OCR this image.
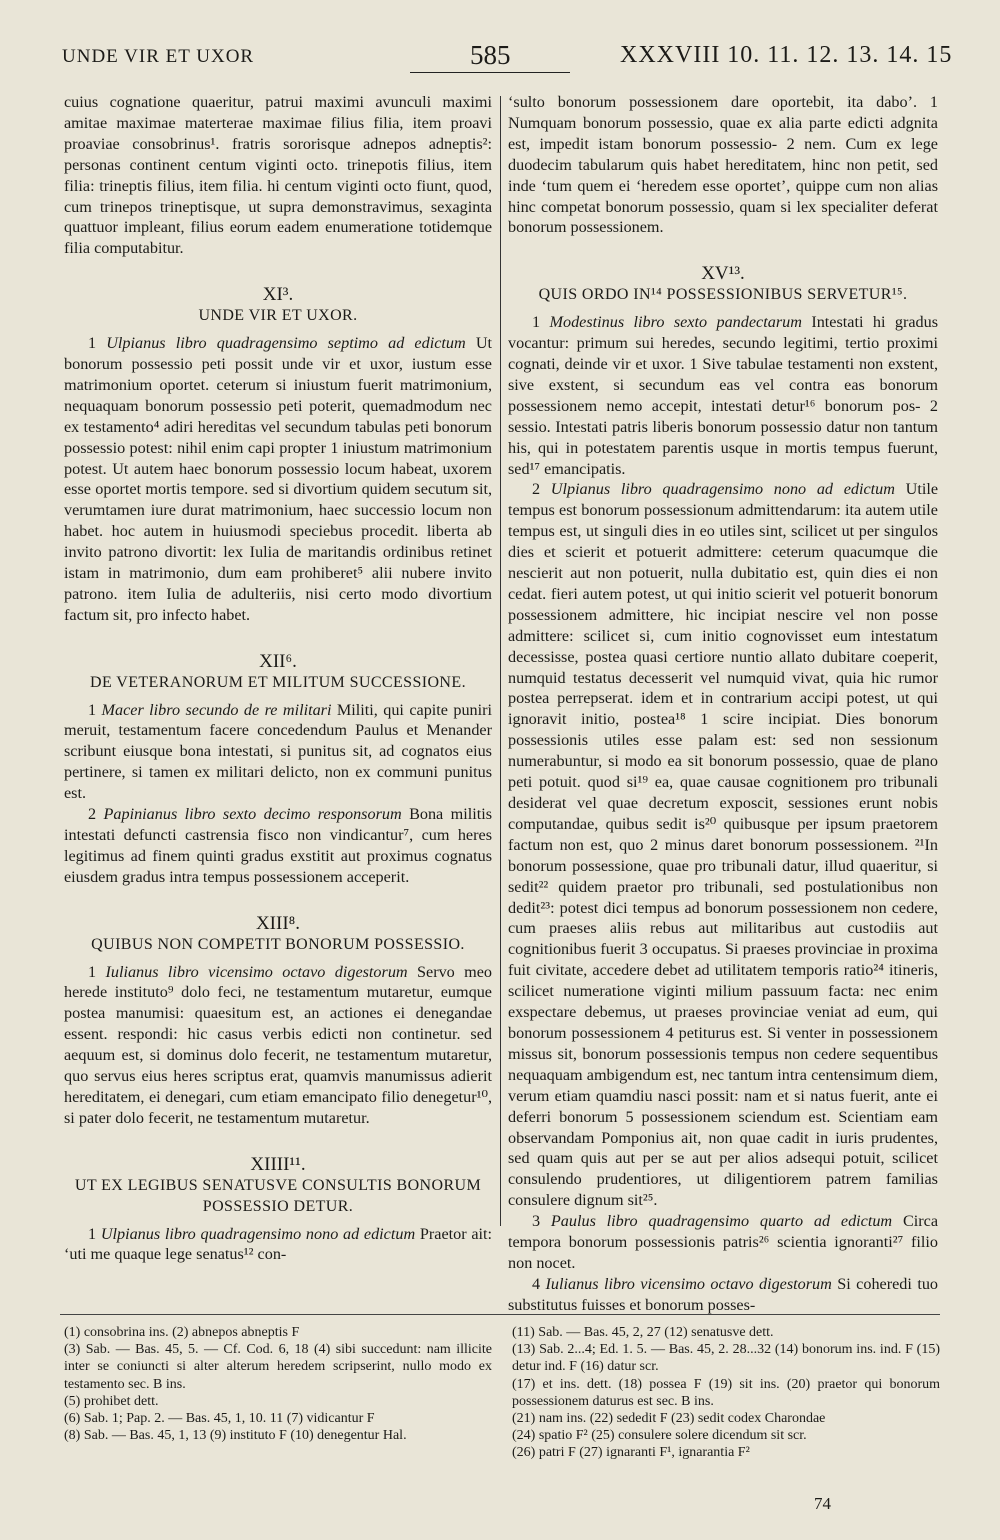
UNDE VIR ET UXOR	585	XXXVIII 10. 11. 12. 13. 14. 15

cuius cognatione quaeritur, patrui maximi avunculi maximi amitae maximae materterae maximae filius filia, item proavi proaviae consobrinus¹. fratris sororisque adnepos adneptis²: personas continent centum viginti octo. trinepotis filius, item filia: trineptis filius, item filia. hi centum viginti octo fiunt, quod, cum trinepos trineptisque, ut supra demonstravimus, sexaginta quattuor impleant, filius eorum eadem enumeratione totidemque filia computabitur.

XI³.
UNDE VIR ET UXOR.

1 Ulpianus libro quadragensimo septimo ad edictum Ut bonorum possessio peti possit unde vir et uxor, iustum esse matrimonium oportet. ceterum si iniustum fuerit matrimonium, nequaquam bonorum possessio peti poterit, quemadmodum nec ex testamento⁴ adiri hereditas vel secundum tabulas peti bonorum possessio potest: nihil enim capi propter 1 iniustum matrimonium potest. Ut autem haec bonorum possessio locum habeat, uxorem esse oportet mortis tempore. sed si divortium quidem secutum sit, verumtamen iure durat matrimonium, haec successio locum non habet. hoc autem in huiusmodi speciebus procedit. liberta ab invito patrono divortit: lex Iulia de maritandis ordinibus retinet istam in matrimonio, dum eam prohiberet⁵ alii nubere invito patrono. item Iulia de adulteriis, nisi certo modo divortium factum sit, pro infecto habet.

XII⁶.
DE VETERANORUM ET MILITUM SUCCESSIONE.

1 Macer libro secundo de re militari Militi, qui capite puniri meruit, testamentum facere concedendum Paulus et Menander scribunt eiusque bona intestati, si punitus sit, ad cognatos eius pertinere, si tamen ex militari delicto, non ex communi punitus est.

2 Papinianus libro sexto decimo responsorum Bona militis intestati defuncti castrensia fisco non vindicantur⁷, cum heres legitimus ad finem quinti gradus exstitit aut proximus cognatus eiusdem gradus intra tempus possessionem acceperit.

XIII⁸.
QUIBUS NON COMPETIT BONORUM POSSESSIO.

1 Iulianus libro vicensimo octavo digestorum Servo meo herede instituto⁹ dolo feci, ne testamentum mutaretur, eumque postea manumisi: quaesitum est, an actiones ei denegandae essent. respondi: hic casus verbis edicti non continetur. sed aequum est, si dominus dolo fecerit, ne testamentum mutaretur, quo servus eius heres scriptus erat, quamvis manumissus adierit hereditatem, ei denegari, cum etiam emancipato filio denegetur¹⁰, si pater dolo fecerit, ne testamentum mutaretur.

XIIII¹¹.
UT EX LEGIBUS SENATUSVE CONSULTIS BONORUM POSSESSIO DETUR.

1 Ulpianus libro quadragensimo nono ad edictum Praetor ait: ‘uti me quaque lege senatus¹² con-

‘sulto bonorum possessionem dare oportebit, ita dabo’. 1 Numquam bonorum possessio, quae ex alia parte edicti adgnita est, impedit istam bonorum possessio- 2 nem. Cum ex lege duodecim tabularum quis habet hereditatem, hinc non petit, sed inde ‘tum quem ei ‘heredem esse oportet’, quippe cum non alias hinc competat bonorum possessio, quam si lex specialiter deferat bonorum possessionem.

XV¹³.
QUIS ORDO IN¹⁴ POSSESSIONIBUS SERVETUR¹⁵.

1 Modestinus libro sexto pandectarum Intestati hi gradus vocantur: primum sui heredes, secundo legitimi, tertio proximi cognati, deinde vir et uxor. 1 Sive tabulae testamenti non exstent, sive exstent, si secundum eas vel contra eas bonorum possessionem nemo accepit, intestati detur¹⁶ bonorum pos- 2 sessio. Intestati patris liberis bonorum possessio datur non tantum his, qui in potestatem parentis usque in mortis tempus fuerunt, sed¹⁷ emancipatis.

2 Ulpianus libro quadragensimo nono ad edictum Utile tempus est bonorum possessionum admittendarum: ita autem utile tempus est, ut singuli dies in eo utiles sint, scilicet ut per singulos dies et scierit et potuerit admittere: ceterum quacumque die nescierit aut non potuerit, nulla dubitatio est, quin dies ei non cedat. fieri autem potest, ut qui initio scierit vel potuerit bonorum possessionem admittere, hic incipiat nescire vel non posse admittere: scilicet si, cum initio cognovisset eum intestatum decessisse, postea quasi certiore nuntio allato dubitare coeperit, numquid testatus decesserit vel numquid vivat, quia hic rumor postea perrepserat. idem et in contrarium accipi potest, ut qui ignoravit initio, postea¹⁸ 1 scire incipiat. Dies bonorum possessionis utiles esse palam est: sed non sessionum numerabuntur, si modo ea sit bonorum possessio, quae de plano peti potuit. quod si¹⁹ ea, quae causae cognitionem pro tribunali desiderat vel quae decretum exposcit, sessiones erunt nobis computandae, quibus sedit is²⁰ quibusque per ipsum praetorem factum non est, quo 2 minus daret bonorum possessionem. ²¹In bonorum possessione, quae pro tribunali datur, illud quaeritur, si sedit²² quidem praetor pro tribunali, sed postulationibus non dedit²³: potest dici tempus ad bonorum possessionem non cedere, cum praeses aliis rebus aut militaribus aut custodiis aut cognitionibus fuerit 3 occupatus. Si praeses provinciae in proxima fuit civitate, accedere debet ad utilitatem temporis ratio²⁴ itineris, scilicet numeratione viginti milium passuum facta: nec enim exspectare debemus, ut praeses provinciae veniat ad eum, qui bonorum possessionem 4 petiturus est. Si venter in possessionem missus sit, bonorum possessionis tempus non cedere sequentibus nequaquam ambigendum est, nec tantum intra centensimum diem, verum etiam quamdiu nasci possit: nam et si natus fuerit, ante ei deferri bonorum 5 possessionem sciendum est. Scientiam eam observandam Pomponius ait, non quae cadit in iuris prudentes, sed quam quis aut per se aut per alios adsequi potuit, scilicet consulendo prudentiores, ut diligentiorem patrem familias consulere dignum sit²⁵.

3 Paulus libro quadragensimo quarto ad edictum Circa tempora bonorum possessionis patris²⁶ scientia ignoranti²⁷ filio non nocet.

4 Iulianus libro vicensimo octavo digestorum Si coheredi tuo substitutus fuisses et bonorum posses-

(1) consobrina ins. (2) abnepos abneptis F

(3) Sab. — Bas. 45, 5. — Cf. Cod. 6, 18 (4) sibi succedunt: nam illicite inter se coniuncti si alter alterum heredem scripserint, nullo modo ex testamento sec. B ins.

(5) prohibet dett.

(6) Sab. 1; Pap. 2. — Bas. 45, 1, 10. 11 (7) vidicantur F

(8) Sab. — Bas. 45, 1, 13 (9) instituto F (10) denegentur Hal.

(11) Sab. — Bas. 45, 2, 27 (12) senatusve dett.

(13) Sab. 2...4; Ed. 1. 5. — Bas. 45, 2. 28...32 (14) bonorum ins. ind. F (15) detur ind. F (16) datur scr.

(17) et ins. dett. (18) possea F (19) sit ins. (20) praetor qui bonorum possessionem daturus est sec. B ins.

(21) nam ins. (22) sededit F (23) sedit codex Charondae

(24) spatio F² (25) consulere solere dicendum sit scr.

(26) patri F (27) ignaranti F¹, ignarantia F²

74
